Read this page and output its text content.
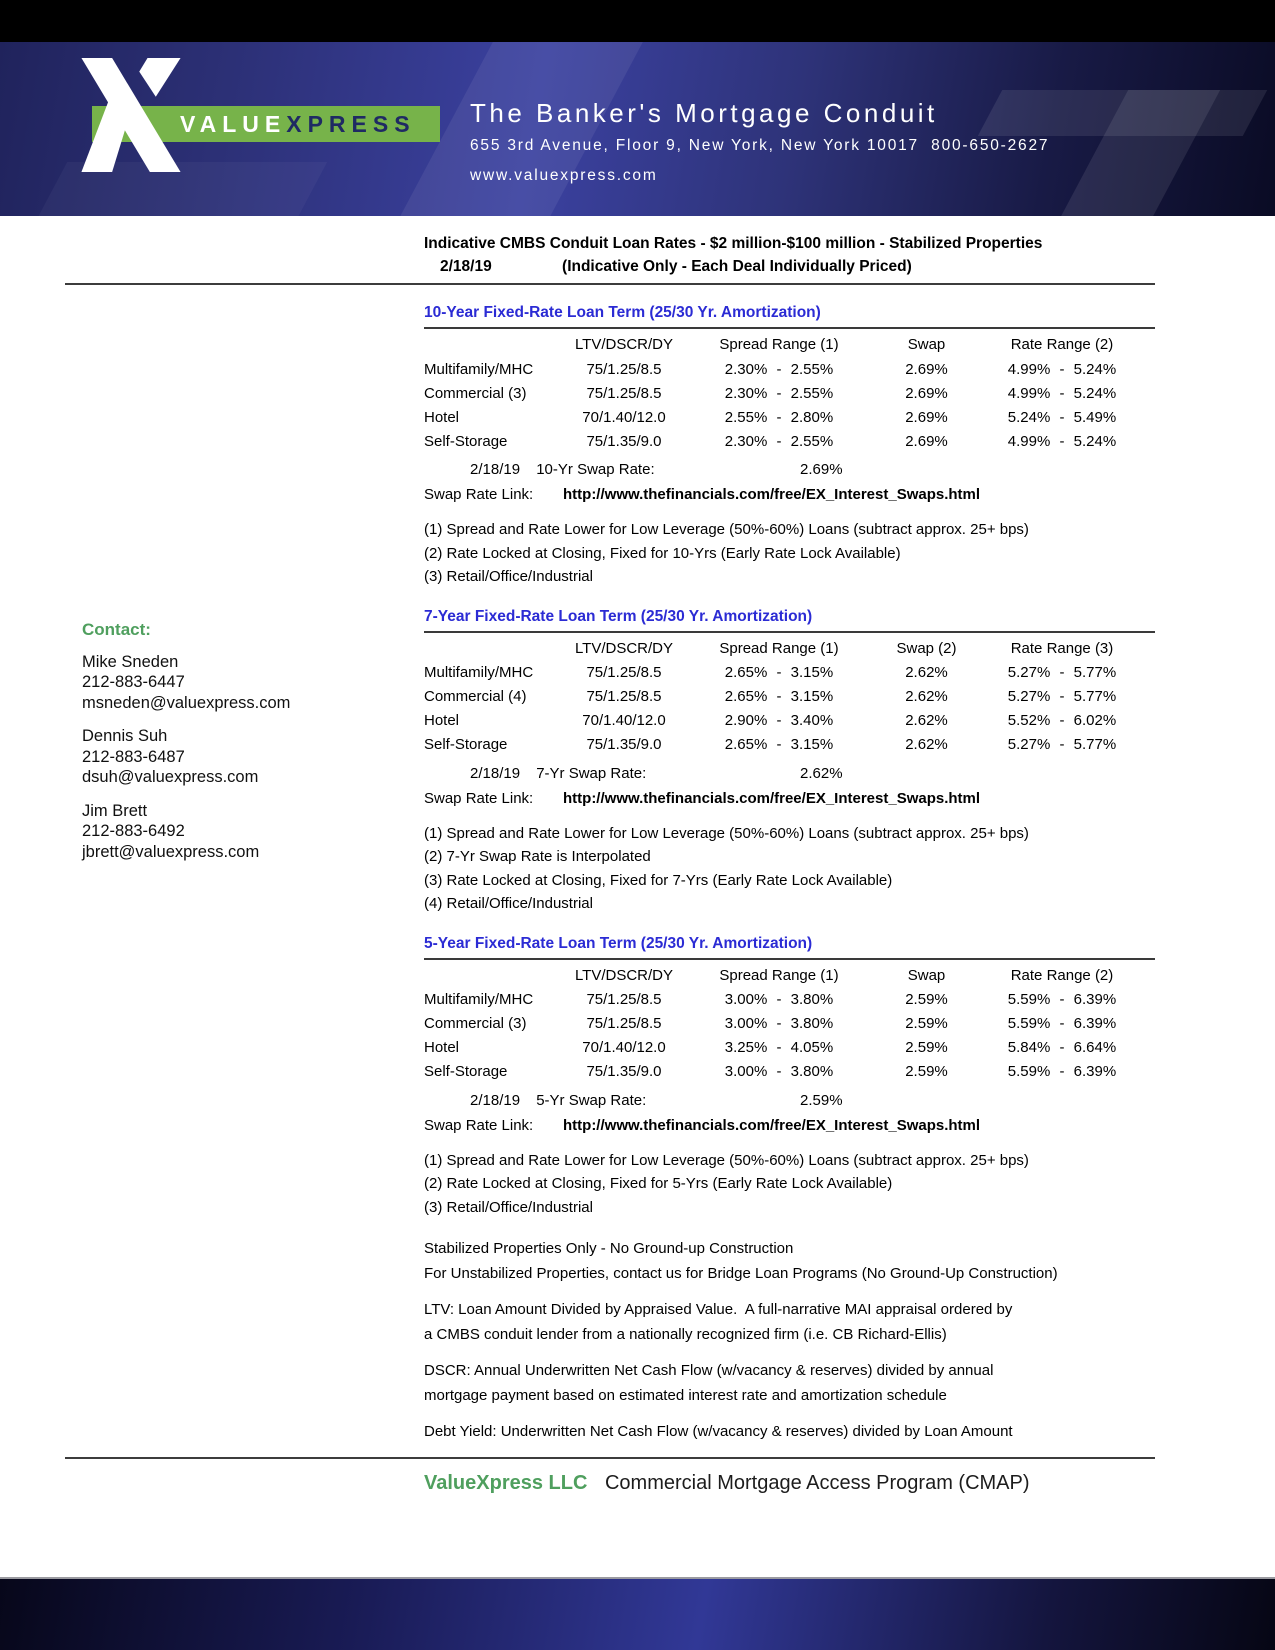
VALUE XPRESS The Banker's Mortgage Conduit
655 3rd Avenue, Floor 9, New York, New York 10017  800-650-2627
www.valuexpress.com
Contact:
Mike Sneden
212-883-6447
msneden@valuexpress.com
Dennis Suh
212-883-6487
dsuh@valuexpress.com
Jim Brett
212-883-6492
jbrett@valuexpress.com
Indicative CMBS Conduit Loan Rates - $2 million-$100 million - Stabilized Properties
2/18/19	(Indicative Only - Each Deal Individually Priced)
10-Year Fixed-Rate Loan Term (25/30 Yr. Amortization)
	LTV/DSCR/DY	Spread Range (1)	Swap	Rate Range (2)
Multifamily/MHC	75/1.25/8.5	2.30% - 2.55%	2.69%	4.99% - 5.24%
Commercial (3)	75/1.25/8.5	2.30% - 2.55%	2.69%	4.99% - 5.24%
Hotel	70/1.40/12.0	2.55% - 2.80%	2.69%	5.24% - 5.49%
Self-Storage	75/1.35/9.0	2.30% - 2.55%	2.69%	4.99% - 5.24%
2/18/19 10-Yr Swap Rate:	2.69%
Swap Rate Link: http://www.thefinancials.com/free/EX_Interest_Swaps.html
(1) Spread and Rate Lower for Low Leverage (50%-60%) Loans (subtract approx. 25+ bps)
(2) Rate Locked at Closing, Fixed for 10-Yrs (Early Rate Lock Available)
(3) Retail/Office/Industrial
7-Year Fixed-Rate Loan Term (25/30 Yr. Amortization)
	LTV/DSCR/DY	Spread Range (1)	Swap (2)	Rate Range (3)
Multifamily/MHC	75/1.25/8.5	2.65% - 3.15%	2.62%	5.27% - 5.77%
Commercial (4)	75/1.25/8.5	2.65% - 3.15%	2.62%	5.27% - 5.77%
Hotel	70/1.40/12.0	2.90% - 3.40%	2.62%	5.52% - 6.02%
Self-Storage	75/1.35/9.0	2.65% - 3.15%	2.62%	5.27% - 5.77%
2/18/19 7-Yr Swap Rate:	2.62%
Swap Rate Link: http://www.thefinancials.com/free/EX_Interest_Swaps.html
(1) Spread and Rate Lower for Low Leverage (50%-60%) Loans (subtract approx. 25+ bps)
(2) 7-Yr Swap Rate is Interpolated
(3) Rate Locked at Closing, Fixed for 7-Yrs (Early Rate Lock Available)
(4) Retail/Office/Industrial
5-Year Fixed-Rate Loan Term (25/30 Yr. Amortization)
	LTV/DSCR/DY	Spread Range (1)	Swap	Rate Range (2)
Multifamily/MHC	75/1.25/8.5	3.00% - 3.80%	2.59%	5.59% - 6.39%
Commercial (3)	75/1.25/8.5	3.00% - 3.80%	2.59%	5.59% - 6.39%
Hotel	70/1.40/12.0	3.25% - 4.05%	2.59%	5.84% - 6.64%
Self-Storage	75/1.35/9.0	3.00% - 3.80%	2.59%	5.59% - 6.39%
2/18/19 5-Yr Swap Rate:	2.59%
Swap Rate Link: http://www.thefinancials.com/free/EX_Interest_Swaps.html
(1) Spread and Rate Lower for Low Leverage (50%-60%) Loans (subtract approx. 25+ bps)
(2) Rate Locked at Closing, Fixed for 5-Yrs (Early Rate Lock Available)
(3) Retail/Office/Industrial
Stabilized Properties Only - No Ground-up Construction
For Unstabilized Properties, contact us for Bridge Loan Programs (No Ground-Up Construction)
LTV: Loan Amount Divided by Appraised Value.  A full-narrative MAI appraisal ordered by
a CMBS conduit lender from a nationally recognized firm (i.e. CB Richard-Ellis)
DSCR: Annual Underwritten Net Cash Flow (w/vacancy & reserves) divided by annual
mortgage payment based on estimated interest rate and amortization schedule
Debt Yield: Underwritten Net Cash Flow (w/vacancy & reserves) divided by Loan Amount
ValueXpress LLC Commercial Mortgage Access Program (CMAP)
